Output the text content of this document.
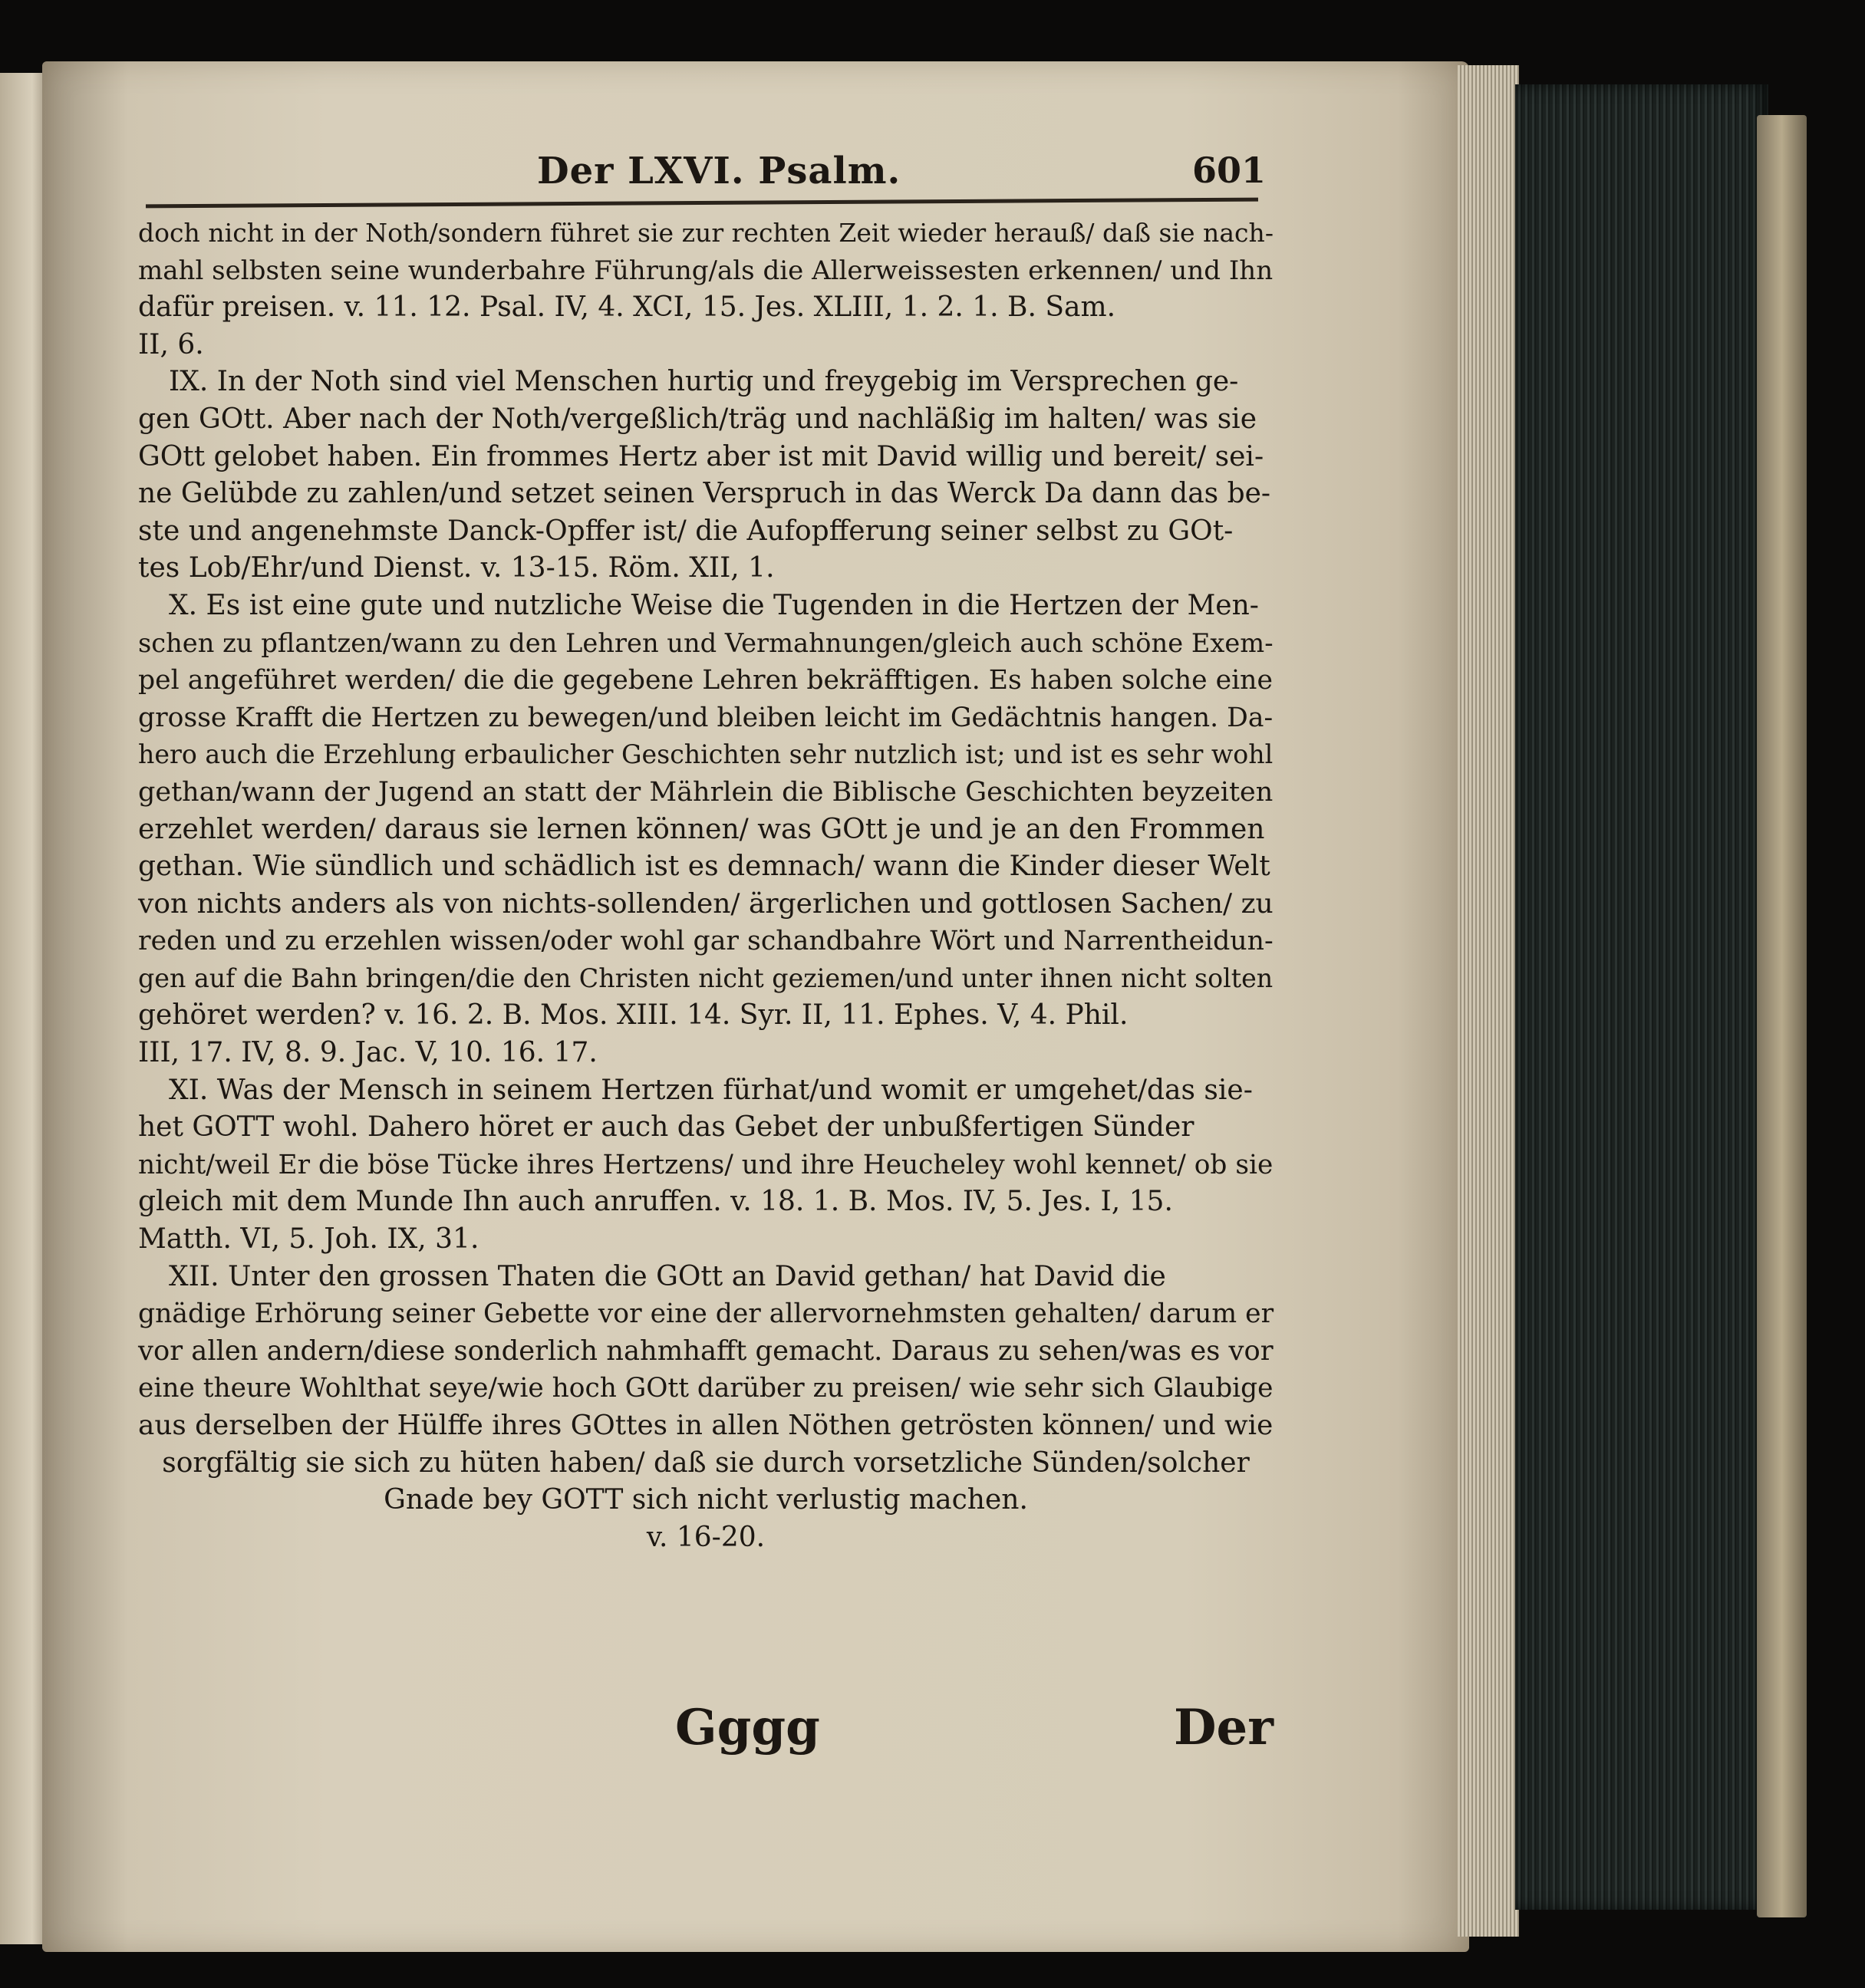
Der LXVI. Psalm.	601
doch nicht in der Noth/sondern führet sie zur rechten Zeit wieder herauß/ daß sie nach-
mahl selbsten seine wunderbahre Führung/als die Allerweissesten erkennen/ und Ihn
dafür preisen. v. 11. 12. Psal. IV, 4. XCI, 15. Jes. XLIII, 1. 2. 1. B. Sam.
II, 6.
IX. In der Noth sind viel Menschen hurtig und freygebig im Versprechen ge-
gen GOtt. Aber nach der Noth/vergeßlich/träg und nachläßig im halten/ was sie
GOtt gelobet haben. Ein frommes Hertz aber ist mit David willig und bereit/ sei-
ne Gelübde zu zahlen/und setzet seinen Verspruch in das Werck Da dann das be-
ste und angenehmste Danck-Opffer ist/ die Aufopfferung seiner selbst zu GOt-
tes Lob/Ehr/und Dienst. v. 13-15. Röm. XII, 1.
X. Es ist eine gute und nutzliche Weise die Tugenden in die Hertzen der Men-
schen zu pflantzen/wann zu den Lehren und Vermahnungen/gleich auch schöne Exem-
pel angeführet werden/ die die gegebene Lehren bekräfftigen. Es haben solche eine
grosse Krafft die Hertzen zu bewegen/und bleiben leicht im Gedächtnis hangen. Da-
hero auch die Erzehlung erbaulicher Geschichten sehr nutzlich ist; und ist es sehr wohl
gethan/wann der Jugend an statt der Mährlein die Biblische Geschichten beyzeiten
erzehlet werden/ daraus sie lernen können/ was GOtt je und je an den Frommen
gethan. Wie sündlich und schädlich ist es demnach/ wann die Kinder dieser Welt
von nichts anders als von nichts-sollenden/ ärgerlichen und gottlosen Sachen/ zu
reden und zu erzehlen wissen/oder wohl gar schandbahre Wört und Narrentheidun-
gen auf die Bahn bringen/die den Christen nicht geziemen/und unter ihnen nicht solten
gehöret werden? v. 16. 2. B. Mos. XIII. 14. Syr. II, 11. Ephes. V, 4. Phil.
III, 17. IV, 8. 9. Jac. V, 10. 16. 17.
XI. Was der Mensch in seinem Hertzen fürhat/und womit er umgehet/das sie-
het GOTT wohl. Dahero höret er auch das Gebet der unbußfertigen Sünder
nicht/weil Er die böse Tücke ihres Hertzens/ und ihre Heucheley wohl kennet/ ob sie
gleich mit dem Munde Ihn auch anruffen. v. 18. 1. B. Mos. IV, 5. Jes. I, 15.
Matth. VI, 5. Joh. IX, 31.
XII. Unter den grossen Thaten die GOtt an David gethan/ hat David die
gnädige Erhörung seiner Gebette vor eine der allervornehmsten gehalten/ darum er
vor allen andern/diese sonderlich nahmhafft gemacht. Daraus zu sehen/was es vor
eine theure Wohlthat seye/wie hoch GOtt darüber zu preisen/ wie sehr sich Glaubige
aus derselben der Hülffe ihres GOttes in allen Nöthen getrösten können/ und wie
sorgfältig sie sich zu hüten haben/ daß sie durch vorsetzliche Sünden/solcher
Gnade bey GOTT sich nicht verlustig machen.
v. 16-20.
Gggg	Der
